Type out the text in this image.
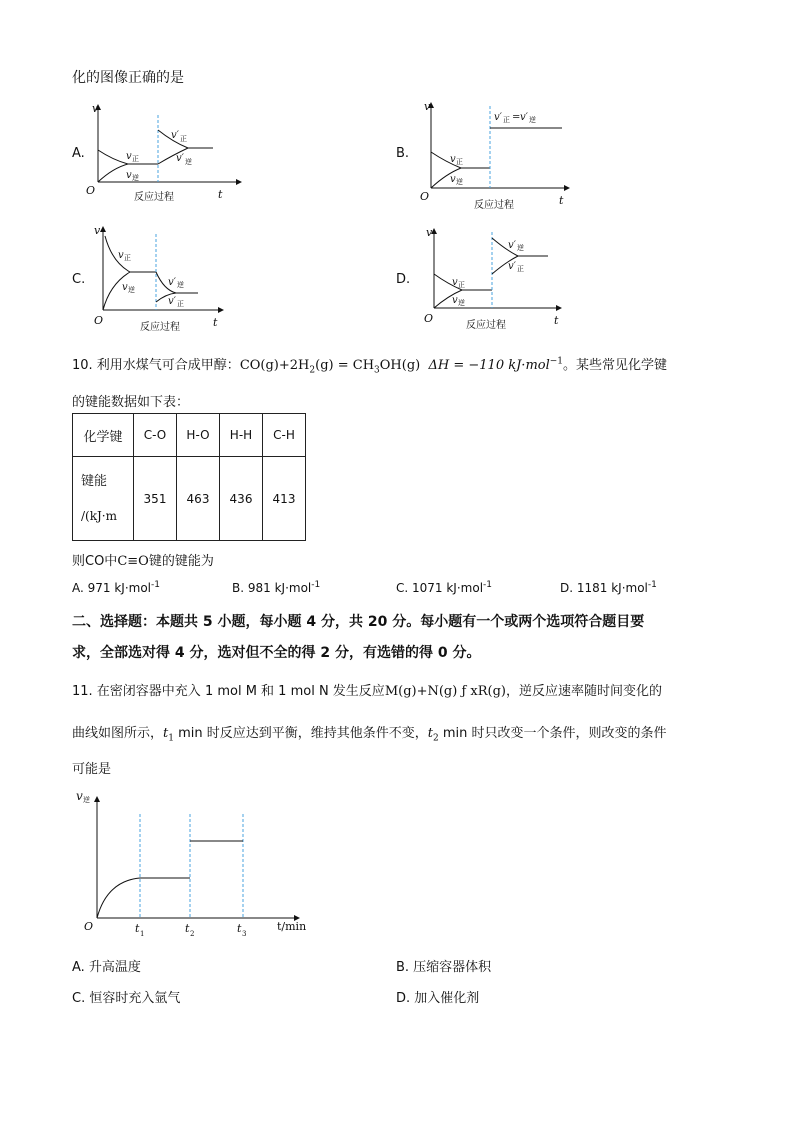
化的图像正确的是
A.
v
O	t
反应过程
v 正
v 逆
v′ 正
v′ 逆
B.
v
O	t
反应过程
v 正
v 逆
v′ 正 = v′ 逆
C.
v
O	t
反应过程
v 正
v 逆
v′ 逆
v′ 正
D.
v
O	t
反应过程
v 正
v 逆
v′ 逆
v′ 正
10. 利用水煤气可合成甲醇：$CO(g)+2H_2(g) = CH_3OH(g) \Delta H = -110$ kJ·mol$^{-1}$。某些常见化学键
的键能数据如下表：
化学键	C-O	H-O	H-H	C-H

键能
/(kJ·m	351	463	436	413
则CO中C≡O键的键能为
A. 971 kJ·mol$^{-1}$	B. 981 kJ·mol$^{-1}$	C. 1071 kJ·mol$^{-1}$	D. 1181 kJ·mol$^{-1}$
二、选择题：本题共 5 小题，每小题 4 分，共 20 分。每小题有一个或两个选项符合题目要
求，全部选对得 4 分，选对但不全的得 2 分，有选错的得 0 分。
11. 在密闭容器中充入 1 mol M 和 1 mol N 发生反应M(g)+N(g) ƒ xR(g)，逆反应速率随时间变化的
曲线如图所示，$t_1$ min 时反应达到平衡，维持其他条件不变，$t_2$ min 时只改变一个条件，则改变的条件
可能是
v 逆
O	t 1	t 2	t 3
t/min
A. 升高温度	B. 压缩容器体积
C. 恒容时充入氩气	D. 加入催化剂
